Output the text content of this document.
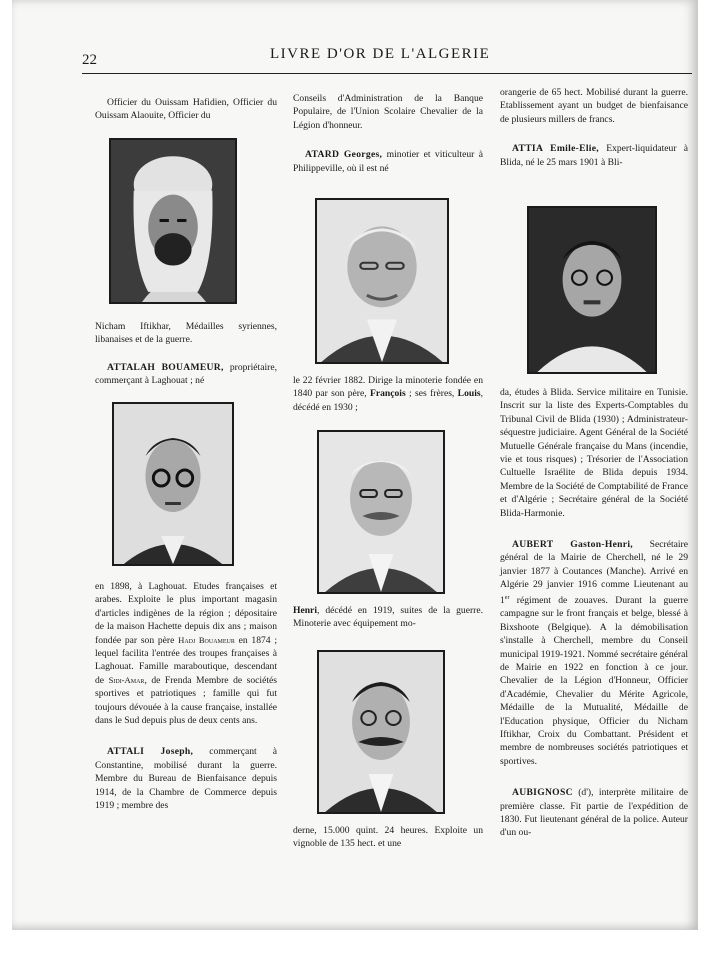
22	LIVRE D'OR DE L'ALGERIE

Officier du Ouissam Hafidien, Officier du Ouissam Alaouite, Officier du

Nicham Iftikhar, Médailles syriennes, libanaises et de la guerre.

ATTALAH BOUAMEUR, propriétaire, commerçant à Laghouat ; né

en 1898, à Laghouat. Etudes françaises et arabes. Exploite le plus important magasin d'articles indigènes de la région ; dépositaire de la maison Hachette depuis dix ans ; maison fondée par son père Hadj Bouameur en 1874 ; lequel facilita l'entrée des troupes françaises à Laghouat. Famille maraboutique, descendant de Sidi-Amar, de Frenda Membre de sociétés sportives et patriotiques ; famille qui fut toujours dévouée à la cause française, installée dans le Sud depuis plus de deux cents ans.

ATTALI Joseph, commerçant à Constantine, mobilisé durant la guerre. Membre du Bureau de Bienfaisance depuis 1914, de la Chambre de Commerce depuis 1919 ; membre des

Conseils d'Administration de la Banque Populaire, de l'Union Scolaire Chevalier de la Légion d'honneur.

ATARD Georges, minotier et viticulteur à Philippeville, où il est né

le 22 février 1882. Dirige la minoterie fondée en 1840 par son père, François ; ses frères, Louis, décédé en 1930 ;

Henri, décédé en 1919, suites de la guerre. Minoterie avec équipement mo-

derne, 15.000 quint. 24 heures. Exploite un vignoble de 135 hect. et une

orangerie de 65 hect. Mobilisé durant la guerre. Etablissement ayant un budget de bienfaisance de plusieurs millers de francs.

ATTIA Emile-Elie, Expert-liquidateur à Blida, né le 25 mars 1901 à Bli-

da, études à Blida. Service militaire en Tunisie. Inscrit sur la liste des Experts-Comptables du Tribunal Civil de Blida (1930) ; Administrateur-séquestre judiciaire. Agent Général de la Société Mutuelle Générale française du Mans (incendie, vie et tous risques) ; Trésorier de l'Association Cultuelle Israélite de Blida depuis 1934. Membre de la Société de Comptabilité de France et d'Algérie ; Secrétaire général de la Société Blida-Harmonie.

AUBERT Gaston-Henri, Secrétaire général de la Mairie de Cherchell, né le 29 janvier 1877 à Coutances (Manche). Arrivé en Algérie 29 janvier 1916 comme Lieutenant au 1er régiment de zouaves. Durant la guerre campagne sur le front français et belge, blessé à Bixshoote (Belgique). A la démobilisation s'installe à Cherchell, membre du Conseil municipal 1919-1921. Nommé secrétaire général de Mairie en 1922 en fonction à ce jour. Chevalier de la Légion d'Honneur, Officier d'Académie, Chevalier du Mérite Agricole, Médaille de la Mutualité, Médaille de l'Education physique, Officier du Nicham Iftikhar, Croix du Combattant. Président et membre de nombreuses sociétés patriotiques et sportives.

AUBIGNOSC (d'), interprète militaire de première classe. Fit partie de l'expédition de 1830. Fut lieutenant général de la police. Auteur d'un ou-
